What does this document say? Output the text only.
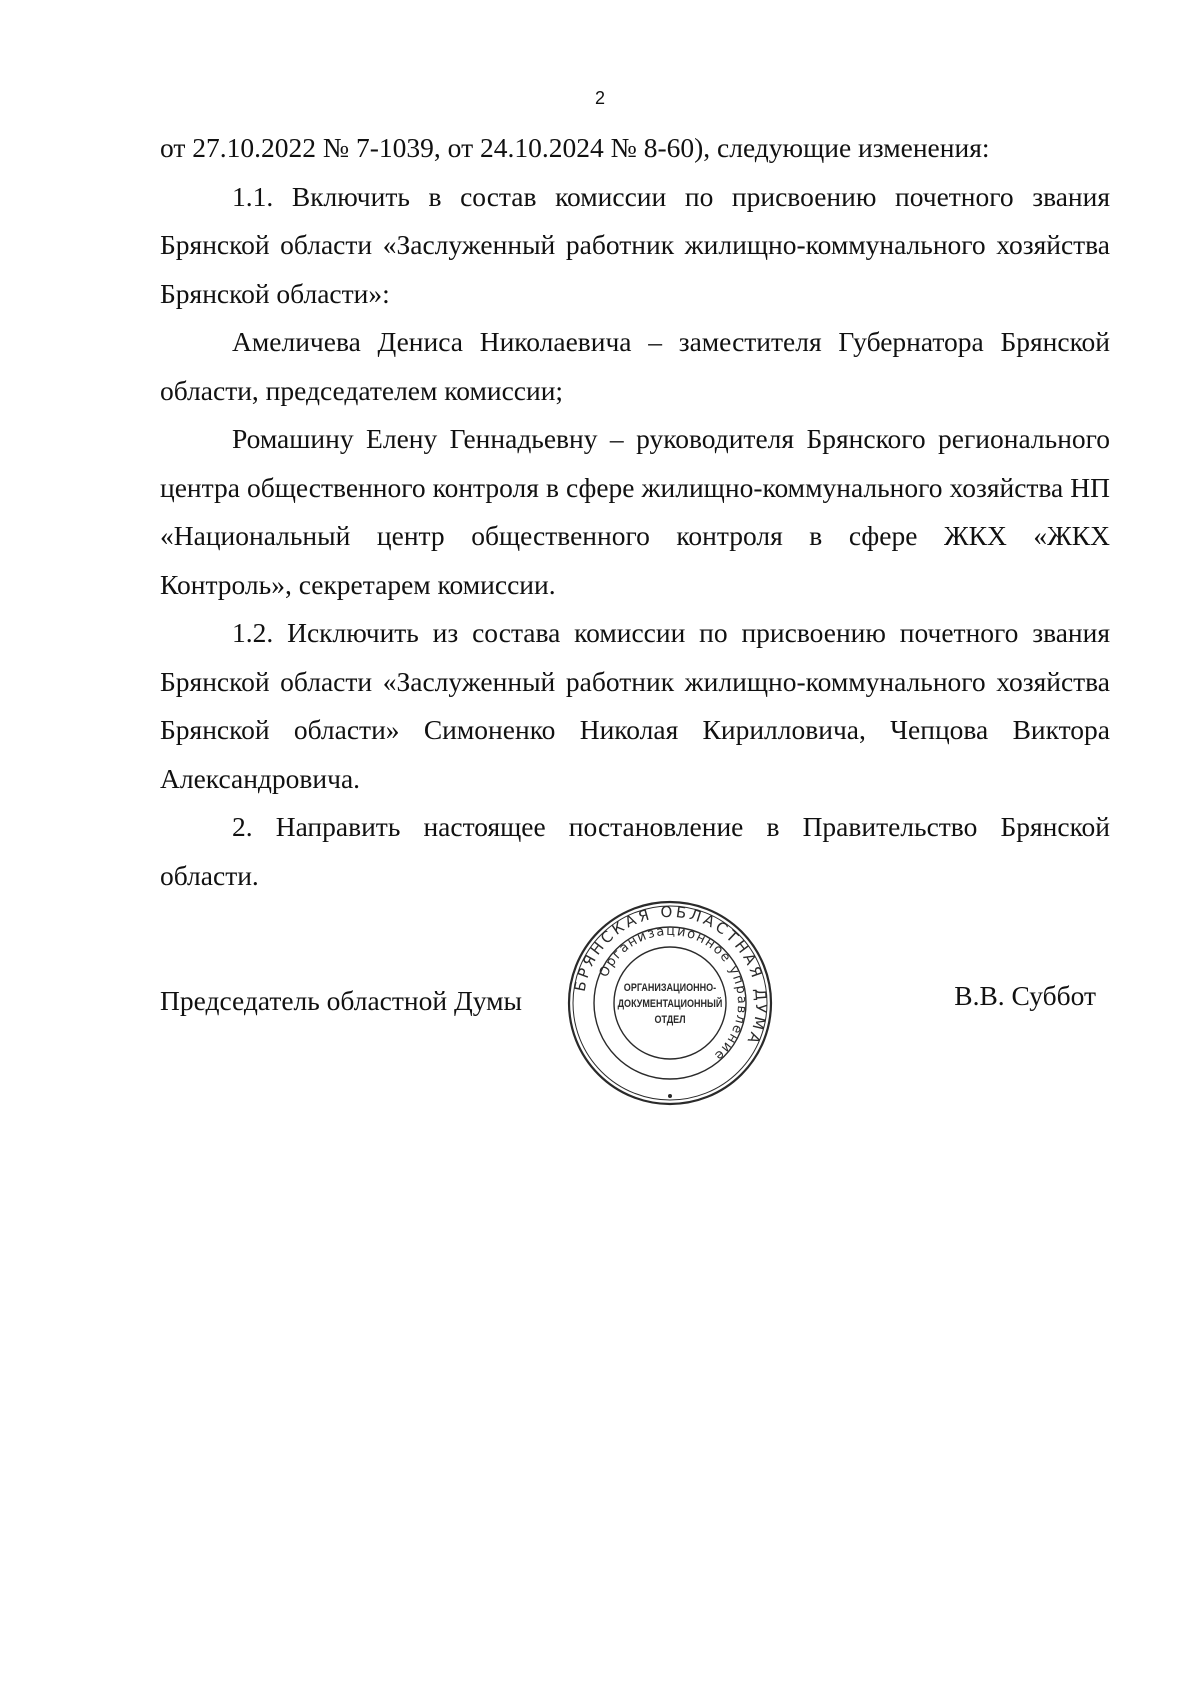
2

от 27.10.2022 № 7-1039, от 24.10.2024 № 8-60), следующие изменения:

1.1. Включить в состав комиссии по присвоению почетного звания Брянской области «Заслуженный работник жилищно-коммунального хозяйства Брянской области»:

Амеличева Дениса Николаевича – заместителя Губернатора Брянской области, председателем комиссии;

Ромашину Елену Геннадьевну – руководителя Брянского регионального центра общественного контроля в сфере жилищно-коммунального хозяйства НП «Национальный центр общественного контроля в сфере ЖКХ «ЖКХ Контроль», секретарем комиссии.

1.2. Исключить из состава комиссии по присвоению почетного звания Брянской области «Заслуженный работник жилищно-коммунального хозяйства Брянской области» Симоненко Николая Кирилловича, Чепцова Виктора Александровича.

2. Направить настоящее постановление в Правительство Брянской области.

Председатель областной Думы	В.В. Суббот
БРЯНСКАЯ ОБЛАСТНАЯ ДУМА
Организационное управление
ОРГАНИЗАЦИОННО-
ДОКУМЕНТАЦИОННЫЙ
ОТДЕЛ
